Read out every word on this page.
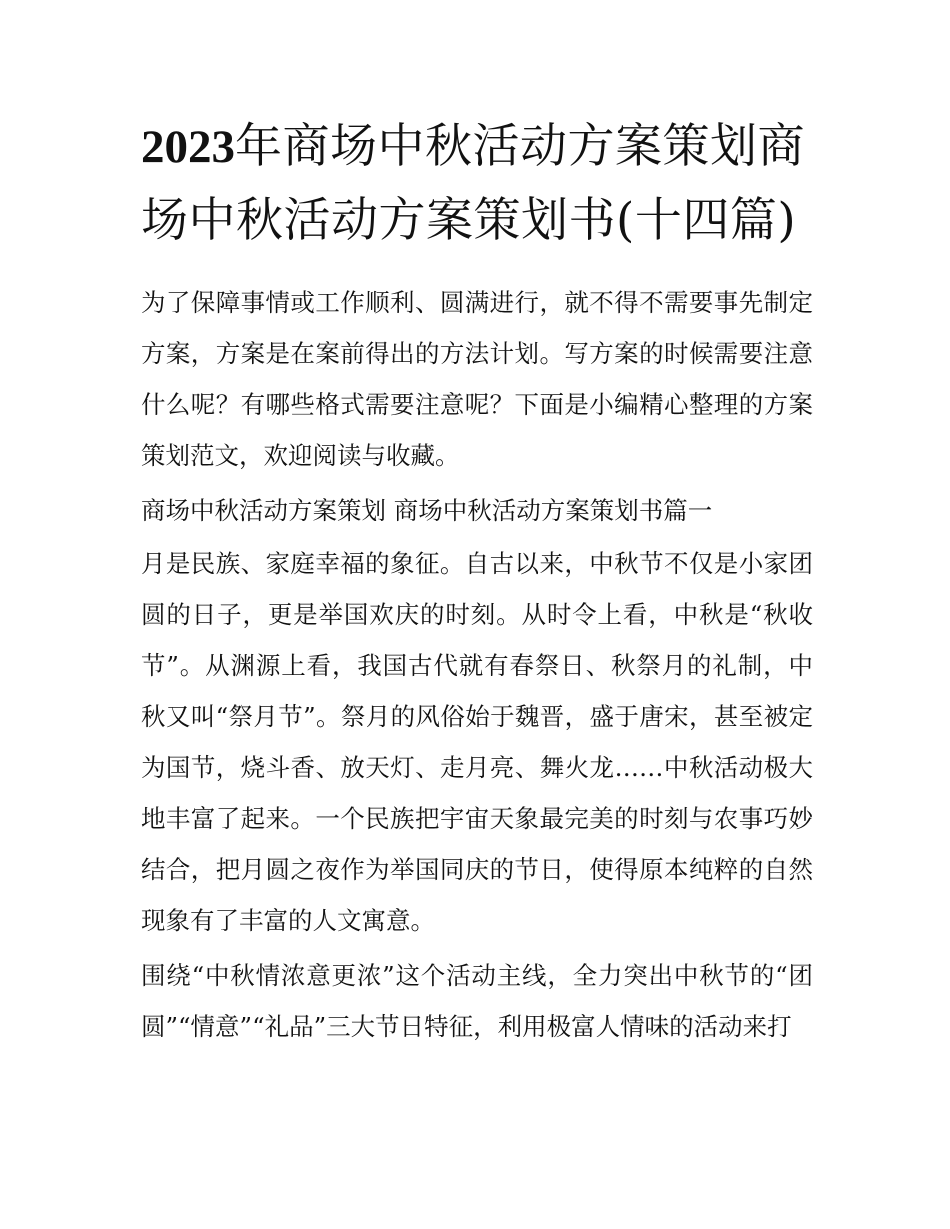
2023年商场中秋活动方案策划商场中秋活动方案策划书(十四篇)

为了保障事情或工作顺利、圆满进行，就不得不需要事先制定方案，方案是在案前得出的方法计划。写方案的时候需要注意什么呢？有哪些格式需要注意呢？下面是小编精心整理的方案策划范文，欢迎阅读与收藏。

商场中秋活动方案策划 商场中秋活动方案策划书篇一

月是民族、家庭幸福的象征。自古以来，中秋节不仅是小家团圆的日子，更是举国欢庆的时刻。从时令上看，中秋是“秋收节”。从渊源上看，我国古代就有春祭日、秋祭月的礼制，中秋又叫“祭月节”。祭月的风俗始于魏晋，盛于唐宋，甚至被定为国节，烧斗香、放天灯、走月亮、舞火龙……中秋活动极大地丰富了起来。一个民族把宇宙天象最完美的时刻与农事巧妙结合，把月圆之夜作为举国同庆的节日，使得原本纯粹的自然现象有了丰富的人文寓意。

围绕“中秋情浓意更浓”这个活动主线，全力突出中秋节的“团圆”“情意”“礼品”三大节日特征，利用极富人情味的活动来打
